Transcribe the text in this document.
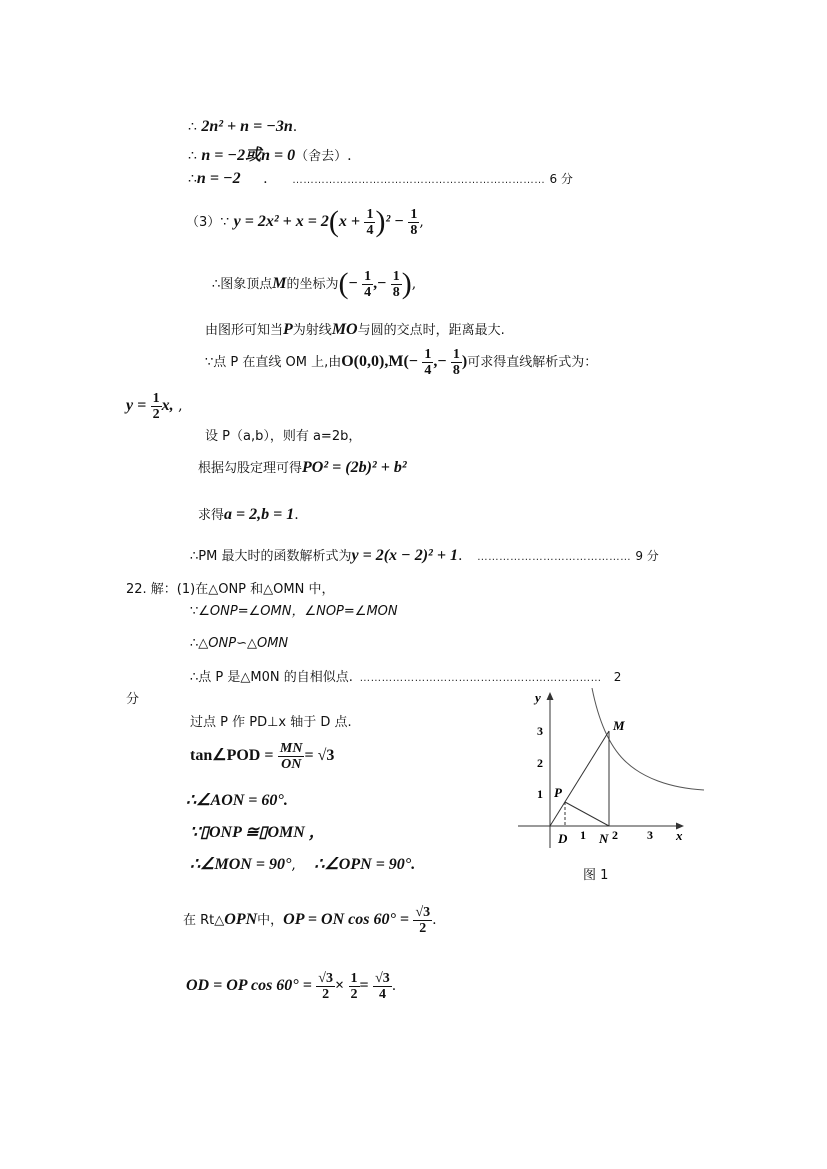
∴ 2n² + n = −3n.
∴ n = −2或n = 0（舍去）.
∴n = −2 . …………………………………………………………… 6 分
（3）∵ $y = 2x^2 + x = 2(x + \frac{1}{4} )^2 - \frac{1}{8}$ ,
∴图象顶点M的坐标为(− $\frac{1}{4}$ ,− $\frac{1}{8}$ ),
由图形可知当P为射线MO与圆的交点时，距离最大.
∵点 P 在直线 OM 上,由$O(0,0),M(- \frac{1}{4}$ ,− $\frac{1}{8}$ )可求得直线解析式为：
$y = \frac{1}{2} x$, ,
设 P（a,b），则有 a=2b，
根据勾股定理可得PO² = (2b)² + b²
求得a = 2,b = 1.
∴PM 最大时的函数解析式为y = 2(x − 2)² + 1. …………………………………… 9 分
22. 解：(1)在△ONP 和△OMN 中，
∵∠ONP=∠OMN，∠NOP=∠MON
∴△ONP∽△OMN
∴点 P 是△M0N 的自相似点. ………………………………………………………… 2
分
过点 P 作 PD⊥x 轴于 D 点.
tan∠POD = $\frac{MN}{ON} = √3$
∴∠AON = 60°.
∵▯ONP ≅▯OMN ，
∴∠MON = 90°, ∴∠OPN = 90°.
在 Rt△OPN中，OP = ON $\cos 60^\circ = \frac{√3}{2}$ .
OD = OP $\cos 60^\circ = \frac{√3}{2} \times \frac{1}{2} = \frac{√3}{4}$ .
1 2 3
1
2
3
x
y
M
P
D N
图 1
